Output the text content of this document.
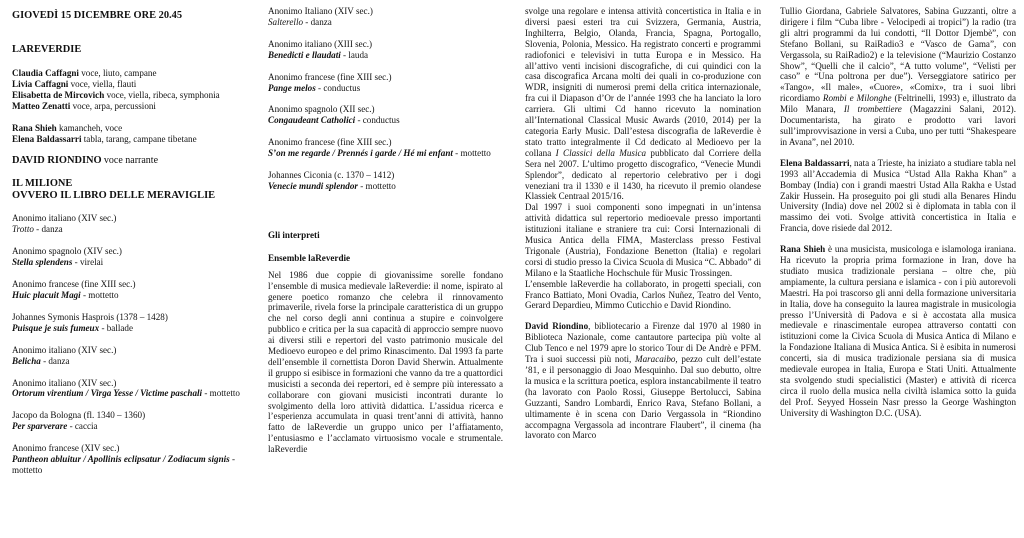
GIOVEDÌ 15 DICEMBRE ORE 20.45
LAREVERDIE
Claudia Caffagni voce, liuto, campane
Livia Caffagni voce, viella, flauti
Elisabetta de Mircovich voce, viella, ribeca, symphonia
Matteo Zenatti voce, arpa, percussioni
Rana Shieh kamancheh, voce
Elena Baldassarri tabla, tarang, campane tibetane
DAVID RIONDINO voce narrante
IL MILIONE
OVVERO IL LIBRO DELLE MERAVIGLIE
Anonimo italiano (XIV sec.)
Trotto - danza
Anonimo spagnolo (XIV sec.)
Stella splendens - virelai
Anonimo francese (fine XIII sec.)
Huic placuit Magi - mottetto
Johannes Symonis Hasprois (1378 – 1428)
Puisque je suis fumeux - ballade
Anonimo italiano (XIV sec.)
Belicha - danza
Anonimo italiano (XIV sec.)
Ortorum virentium / Virga Yesse / Victime paschali - mottetto
Jacopo da Bologna (fl. 1340 – 1360)
Per sparverare - caccia
Anonimo francese (XIV sec.)
Pantheon abluitur / Apollinis eclipsatur / Zodiacum signis - mottetto
Anonimo Italiano (XIV sec.)
Salterello - danza
Anonimo italiano (XIII sec.)
Benedicti e llaudati - lauda
Anonimo francese (fine XIII sec.)
Pange melos - conductus
Anonimo spagnolo (XII sec.)
Congaudeant Catholici - conductus
Anonimo francese (fine XIII sec.)
S’on me regarde / Prennés i garde / Hé mi enfant - mottetto
Johannes Ciconia (c. 1370 – 1412)
Venecie mundi splendor - mottetto
Gli interpreti
Ensemble laReverdie
Nel 1986 due coppie di giovanissime sorelle fondano l’ensemble di musica medievale laReverdie: il nome, ispirato al genere poetico romanzo che celebra il rinnovamento primaverile, rivela forse la principale caratteristica di un gruppo che nel corso degli anni continua a stupire e coinvolgere pubblico e critica per la sua capacità di approccio sempre nuovo ai diversi stili e repertori del vasto patrimonio musicale del Medioevo europeo e del primo Rinascimento. Dal 1993 fa parte dell’ensemble il cornettista Doron David Sherwin. Attualmente il gruppo si esibisce in formazioni che vanno da tre a quattordici musicisti a seconda dei repertori, ed è sempre più interessato a collaborare con giovani musicisti incontrati durante lo svolgimento della loro attività didattica. L’assidua ricerca e l’esperienza accumulata in quasi trent’anni di attività, hanno fatto de laReverdie un gruppo unico per l’affiatamento, l’entusiasmo e l’acclamato virtuosismo vocale e strumentale. laReverdie
svolge una regolare e intensa attività concertistica in Italia e in diversi paesi esteri tra cui Svizzera, Germania, Austria, Inghilterra, Belgio, Olanda, Francia, Spagna, Portogallo, Slovenia, Polonia, Messico. Ha registrato concerti e programmi radiofonici e televisivi in tutta Europa e in Messico. Ha all’attivo venti incisioni discografiche, di cui quindici con la casa discografica Arcana molti dei quali in co-produzione con WDR, insigniti di numerosi premi della critica internazionale, fra cui il Diapason d’Or de l’année 1993 che ha lanciato la loro carriera. Gli ultimi Cd hanno ricevuto la nomination all’International Classical Music Awards (2010, 2014) per la categoria Early Music. Dall’estesa discografia de laReverdie è stato tratto integralmente il Cd dedicato al Medioevo per la collana I Classici della Musica pubblicato dal Corriere della Sera nel 2007. L’ultimo progetto discografico, “Venecie Mundi Splendor”, dedicato al repertorio celebrativo per i dogi veneziani tra il 1330 e il 1430, ha ricevuto il premio olandese Klassiek Centraal 2015/16.
Dal 1997 i suoi componenti sono impegnati in un’intensa attività didattica sul repertorio medioevale presso importanti istituzioni italiane e straniere tra cui: Corsi Internazionali di Musica Antica della FIMA, Masterclass presso Festival Trigonale (Austria), Fondazione Benetton (Italia) e regolari corsi di studio presso la Civica Scuola di Musica “C. Abbado” di Milano e la Staatliche Hochschule für Music Trossingen.
L’ensemble laReverdie ha collaborato, in progetti speciali, con Franco Battiato, Moni Ovadia, Carlos Nuñez, Teatro del Vento, Gerard Depardieu, Mimmo Cuticchio e David Riondino.
David Riondino, bibliotecario a Firenze dal 1970 al 1980 in Biblioteca Nazionale, come cantautore partecipa più volte al Club Tenco e nel 1979 apre lo storico Tour di De Andrè e PFM. Tra i suoi successi più noti, Maracaibo, pezzo cult dell’estate ’81, e il personaggio di Joao Mesquinho. Dal suo debutto, oltre la musica e la scrittura poetica, esplora instancabilmente il teatro (ha lavorato con Paolo Rossi, Giuseppe Bertolucci, Sabina Guzzanti, Sandro Lombardi, Enrico Rava, Stefano Bollani, a ultimamente è in scena con Dario Vergassola in “Riondino accompagna Vergassola ad incontrare Flaubert”, il cinema (ha lavorato con Marco
Tullio Giordana, Gabriele Salvatores, Sabina Guzzanti, oltre a dirigere i film “Cuba libre - Velocipedi ai tropici”) la radio (tra gli altri programmi da lui condotti, “Il Dottor Djembè”, con Stefano Bollani, su RaiRadio3 e “Vasco de Gama”, con Vergassola, su RaiRadio2) e la televisione (“Maurizio Costanzo Show”, “Quelli che il calcio”, “A tutto volume”, “Velisti per caso” e “Una poltrona per due”). Verseggiatore satirico per «Tango», «Il male», «Cuore», «Comix», tra i suoi libri ricordiamo Rombi e Milonghe (Feltrinelli, 1993) e, illustrato da Milo Manara, Il trombettiere (Magazzini Salani, 2012). Documentarista, ha girato e prodotto vari lavori sull’improvvisazione in versi a Cuba, uno per tutti “Shakespeare in Avana”, nel 2010.
Elena Baldassarri, nata a Trieste, ha iniziato a studiare tabla nel 1993 all’Accademia di Musica “Ustad Alla Rakha Khan” a Bombay (India) con i grandi maestri Ustad Alla Rakha e Ustad Zakir Hussein. Ha proseguito poi gli studi alla Benares Hindu University (India) dove nel 2002 si è diplomata in tabla con il massimo dei voti. Svolge attività concertistica in Italia e Francia, dove risiede dal 2012.
Rana Shieh è una musicista, musicologa e islamologa iraniana. Ha ricevuto la propria prima formazione in Iran, dove ha studiato musica tradizionale persiana – oltre che, più ampiamente, la cultura persiana e islamica - con i più autorevoli Maestri. Ha poi trascorso gli anni della formazione universitaria in Italia, dove ha conseguito la laurea magistrale in musicologia presso l’Università di Padova e si è accostata alla musica medievale e rinascimentale europea attraverso contatti con istituzioni come la Civica Scuola di Musica Antica di Milano e la Fondazione Italiana di Musica Antica. Si è esibita in numerosi concerti, sia di musica tradizionale persiana sia di musica medievale europea in Italia, Europa e Stati Uniti. Attualmente sta svolgendo studi specialistici (Master) e attività di ricerca circa il ruolo della musica nella civiltà islamica sotto la guida del Prof. Seyyed Hossein Nasr presso la George Washington University di Washington D.C. (USA).
